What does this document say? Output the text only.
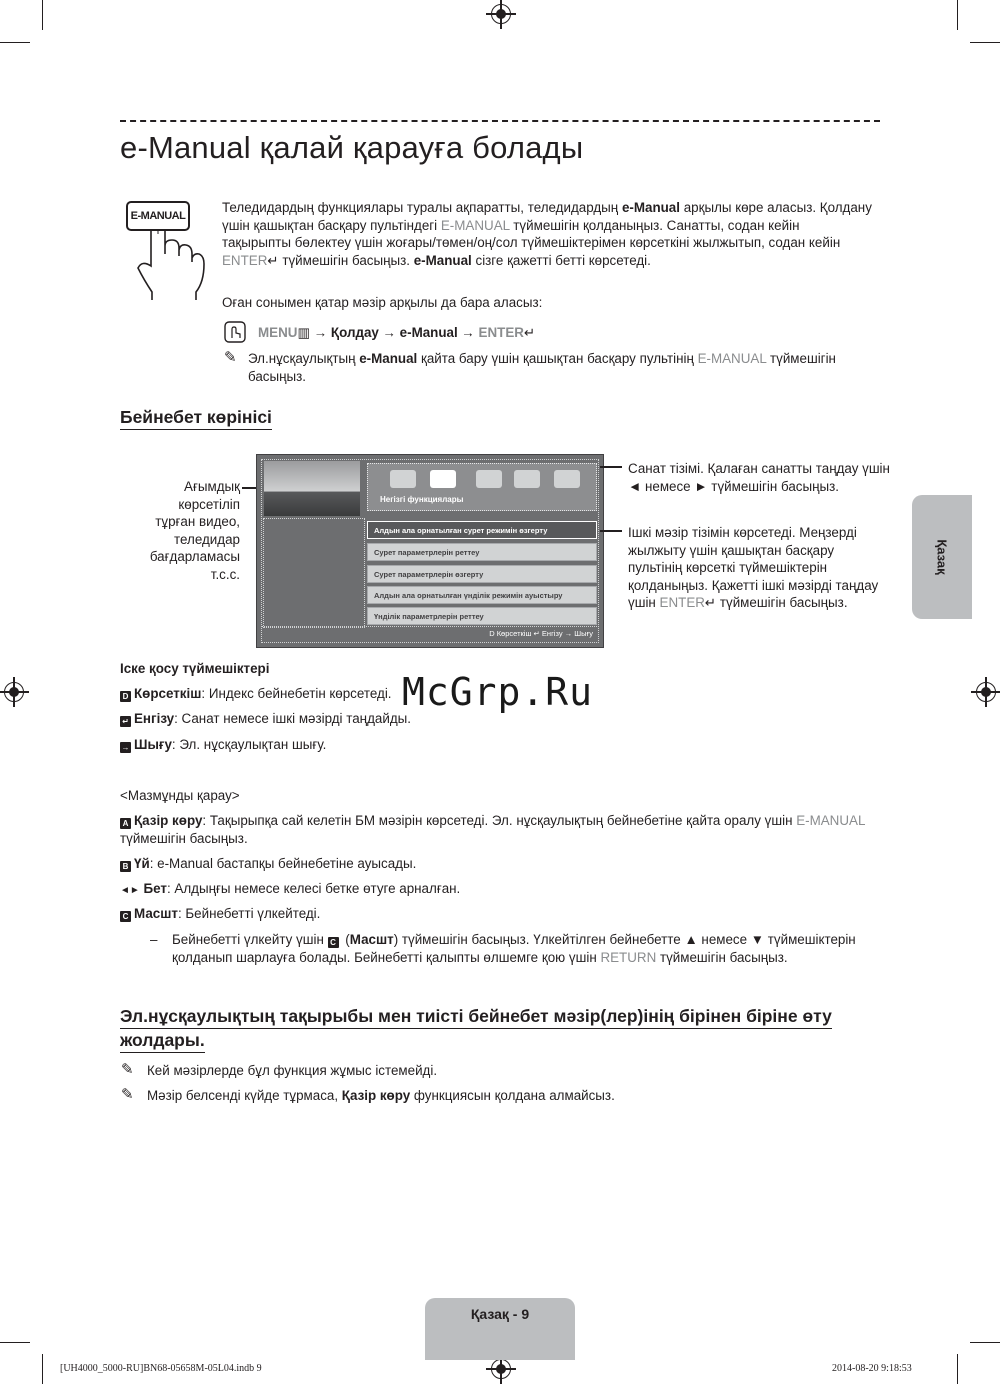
e-Manual қалай қарауға болады
Қазақ
E-MANUAL

Теледидардың функциялары туралы ақпаратты, теледидардың e-Manual арқылы көре аласыз. Қолдану үшін қашықтан басқару пультіндегі E-MANUAL түймешігін қолданыңыз. Санатты, содан кейін тақырыпты бөлектеу үшін жоғары/төмен/оң/сол түймешіктерімен көрсеткіні жылжытып, содан кейін ENTER↵ түймешігін басыңыз. e-Manual сізге қажетті бетті көрсетеді.

Оған сонымен қатар мәзір арқылы да бара аласыз:

MENU▥ → Қолдау → e-Manual → ENTER↵

✎ Эл.нұсқаулықтың e-Manual қайта бару үшін қашықтан басқару пультінің E-MANUAL түймешігін басыңыз.

Бейнебет көрінісі
Ағымдық
көрсетіліп
тұрған видео,
теледидар
бағдарламасы
т.с.с.
Негізгі функциялары
Алдын ала орнатылған сурет режимін өзгерту
Сурет параметрлерін реттеу
Сурет параметрлерін өзгерту
Алдын ала орнатылған үнділік режимін ауыстыру
Үнділік параметрлерін реттеу
D Көрсеткіш ↵ Енгізу → Шығу

Санат тізімі. Қалаған санатты таңдау үшін ◄ немесе ► түймешігін басыңыз.

Ішкі мәзір тізімін көрсетеді. Меңзерді жылжыту үшін қашықтан басқару пультінің көрсеткі түймешіктерін қолданыңыз. Қажетті ішкі мәзірді таңдау үшін ENTER↵ түймешігін басыңыз.

Іске қосу түймешіктері

D Көрсеткіш: Индекс бейнебетін көрсетеді.

↵ Енгізу: Санат немесе ішкі мәзірді таңдайды.

→ Шығу: Эл. нұсқаулықтан шығу.

McGrp.Ru

<Мазмұнды қарау>

A Қазір көру: Тақырыпқа сай келетін БМ мәзірін көрсетеді. Эл. нұсқаулықтың бейнебетіне қайта оралу үшін E-MANUAL түймешігін басыңыз.

B Үй: e-Manual бастапқы бейнебетіне ауысады.

◄► Бет: Алдыңғы немесе келесі бетке өтуге арналған.

C Масшт: Бейнебетті үлкейтеді.

– Бейнебетті үлкейту үшін C (Масшт) түймешігін басыңыз. Үлкейтілген бейнебетте ▲ немесе ▼ түймешіктерін қолданып шарлауға болады. Бейнебетті қалыпты өлшемге қою үшін RETURN түймешігін басыңыз.

Эл.нұсқаулықтың тақырыбы мен тиісті бейнебет мәзір(лер)інің бірінен біріне өту
жолдары.
✎ Кей мәзірлерде бұл функция жұмыс істемейді.

✎ Мәзір белсенді күйде тұрмаса, Қазір көру функциясын қолдана алмайсыз.

Қазақ - 9
[UH4000_5000-RU]BN68-05658M-05L04.indb 9	2014-08-20 9:18:53
